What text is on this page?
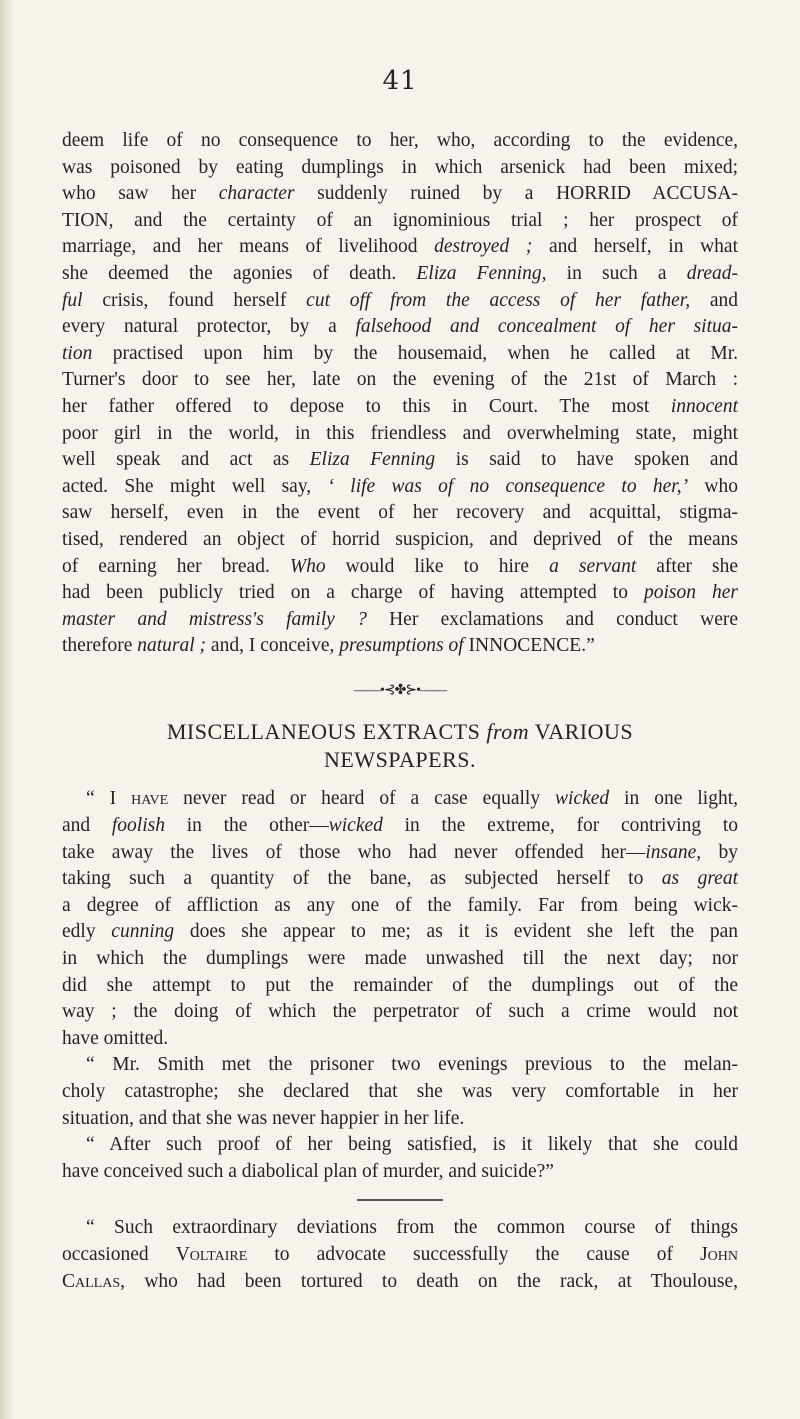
41

deem life of no consequence to her, who, according to the evidence,

was poisoned by eating dumplings in which arsenick had been mixed;

who saw her character suddenly ruined by a HORRID ACCUSA-

TION, and the certainty of an ignominious trial ; her prospect of

marriage, and her means of livelihood destroyed ; and herself, in what

she deemed the agonies of death. Eliza Fenning, in such a dread-

ful crisis, found herself cut off from the access of her father, and

every natural protector, by a falsehood and concealment of her situa-

tion practised upon him by the housemaid, when he called at Mr.

Turner's door to see her, late on the evening of the 21st of March :

her father offered to depose to this in Court. The most innocent

poor girl in the world, in this friendless and overwhelming state, might

well speak and act as Eliza Fenning is said to have spoken and

acted. She might well say, ‘ life was of no consequence to her,’ who

saw herself, even in the event of her recovery and acquittal, stigma-

tised, rendered an object of horrid suspicion, and deprived of the means

of earning her bread. Who would like to hire a servant after she

had been publicly tried on a charge of having attempted to poison her

master and mistress's family ? Her exclamations and conduct were

therefore natural ; and, I conceive, presumptions of INNOCENCE.”

——•⊰✤⊱•——
MISCELLANEOUS EXTRACTS from VARIOUS
NEWSPAPERS.

“ I have never read or heard of a case equally wicked in one light,

and foolish in the other—wicked in the extreme, for contriving to

take away the lives of those who had never offended her—insane, by

taking such a quantity of the bane, as subjected herself to as great

a degree of affliction as any one of the family. Far from being wick-

edly cunning does she appear to me; as it is evident she left the pan

in which the dumplings were made unwashed till the next day; nor

did she attempt to put the remainder of the dumplings out of the

way ; the doing of which the perpetrator of such a crime would not

have omitted.

“ Mr. Smith met the prisoner two evenings previous to the melan-

choly catastrophe; she declared that she was very comfortable in her

situation, and that she was never happier in her life.

“ After such proof of her being satisfied, is it likely that she could

have conceived such a diabolical plan of murder, and suicide?”

“ Such extraordinary deviations from the common course of things

occasioned Voltaire to advocate successfully the cause of John

Callas, who had been tortured to death on the rack, at Thoulouse,
